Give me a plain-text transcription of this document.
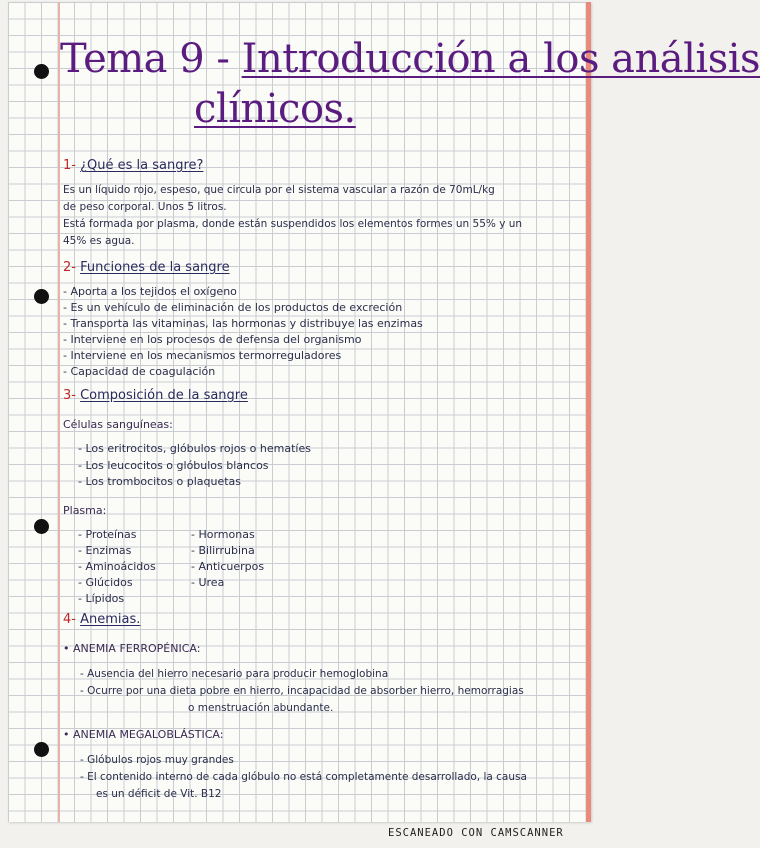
Tema 9 - Introducción a los análisis
clínicos.
1- ¿Qué es la sangre?
Es un líquido rojo, espeso, que circula por el sistema vascular a razón de 70mL/kg
de peso corporal. Unos 5 litros.
Está formada por plasma, donde están suspendidos los elementos formes un 55% y un
45% es agua.
2- Funciones de la sangre
- Aporta a los tejidos el oxígeno
- Es un vehículo de eliminación de los productos de excreción
- Transporta las vitaminas, las hormonas y distribuye las enzimas
- Interviene en los procesos de defensa del organismo
- Interviene en los mecanismos termorreguladores
- Capacidad de coagulación
3- Composición de la sangre
Células sanguíneas:
- Los eritrocitos, glóbulos rojos o hematíes
- Los leucocitos o glóbulos blancos
- Los trombocitos o plaquetas
Plasma:
- Proteínas
- Enzimas
- Aminoácidos
- Glúcidos
- Lípidos
- Hormonas
- Bilirrubina
- Anticuerpos
- Urea
4- Anemias.
• ANEMIA FERROPÉNICA:
- Ausencia del hierro necesario para producir hemoglobina
- Ocurre por una dieta pobre en hierro, incapacidad de absorber hierro, hemorragias
o menstruación abundante.
• ANEMIA MEGALOBLÁSTICA:
- Glóbulos rojos muy grandes
- El contenido interno de cada glóbulo no está completamente desarrollado, la causa
es un déficit de Vit. B12
ESCANEADO CON CAMSCANNER
